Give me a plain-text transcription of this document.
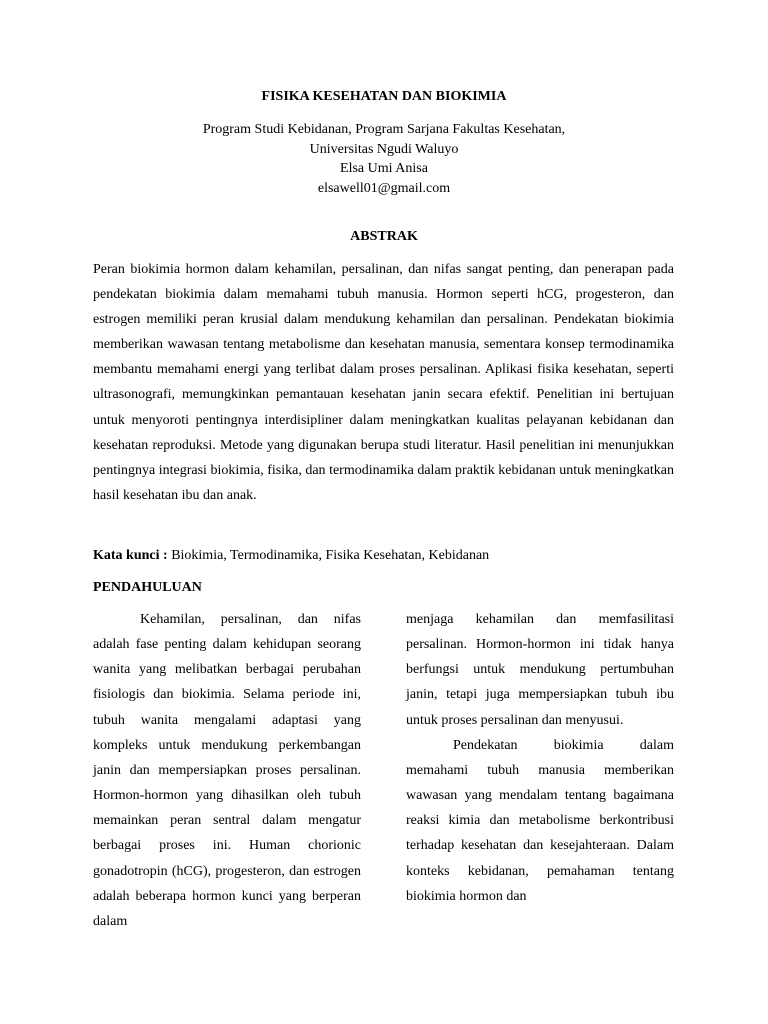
FISIKA KESEHATAN DAN BIOKIMIA
Program Studi Kebidanan, Program Sarjana Fakultas Kesehatan,
Universitas Ngudi Waluyo
Elsa Umi Anisa
elsawell01@gmail.com
ABSTRAK

Peran biokimia hormon dalam kehamilan, persalinan, dan nifas sangat penting, dan penerapan pada pendekatan biokimia dalam memahami tubuh manusia. Hormon seperti hCG, progesteron, dan estrogen memiliki peran krusial dalam mendukung kehamilan dan persalinan. Pendekatan biokimia memberikan wawasan tentang metabolisme dan kesehatan manusia, sementara konsep termodinamika membantu memahami energi yang terlibat dalam proses persalinan. Aplikasi fisika kesehatan, seperti ultrasonografi, memungkinkan pemantauan kesehatan janin secara efektif. Penelitian ini bertujuan untuk menyoroti pentingnya interdisipliner dalam meningkatkan kualitas pelayanan kebidanan dan kesehatan reproduksi. Metode yang digunakan berupa studi literatur. Hasil penelitian ini menunjukkan pentingnya integrasi biokimia, fisika, dan termodinamika dalam praktik kebidanan untuk meningkatkan hasil kesehatan ibu dan anak.

Kata kunci : Biokimia, Termodinamika, Fisika Kesehatan, Kebidanan
PENDAHULUAN

Kehamilan, persalinan, dan nifas adalah fase penting dalam kehidupan seorang wanita yang melibatkan berbagai perubahan fisiologis dan biokimia. Selama periode ini, tubuh wanita mengalami adaptasi yang kompleks untuk mendukung perkembangan janin dan mempersiapkan proses persalinan. Hormon-hormon yang dihasilkan oleh tubuh memainkan peran sentral dalam mengatur berbagai proses ini. Human chorionic gonadotropin (hCG), progesteron, dan estrogen adalah beberapa hormon kunci yang berperan dalam

menjaga kehamilan dan memfasilitasi persalinan. Hormon-hormon ini tidak hanya berfungsi untuk mendukung pertumbuhan janin, tetapi juga mempersiapkan tubuh ibu untuk proses persalinan dan menyusui.

Pendekatan biokimia dalam memahami tubuh manusia memberikan wawasan yang mendalam tentang bagaimana reaksi kimia dan metabolisme berkontribusi terhadap kesehatan dan kesejahteraan. Dalam konteks kebidanan, pemahaman tentang biokimia hormon dan
